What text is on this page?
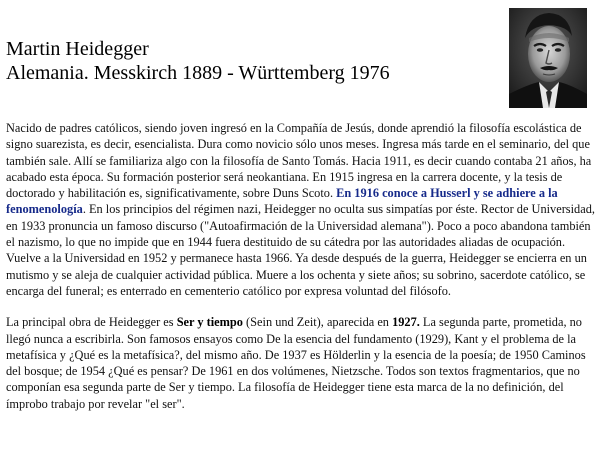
Martin Heidegger
Alemania. Messkirch 1889 - Württemberg 1976

Nacido de padres católicos, siendo joven ingresó en la Compañía de Jesús, donde aprendió la filosofía escolástica de signo suarezista, es decir, esencialista. Dura como novicio sólo unos meses. Ingresa más tarde en el seminario, del que también sale. Allí se familiariza algo con la filosofía de Santo Tomás. Hacia 1911, es decir cuando contaba 21 años, ha acabado esta época. Su formación posterior será neokantiana. En 1915 ingresa en la carrera docente, y la tesis de doctorado y habilitación es, significativamente, sobre Duns Scoto. En 1916 conoce a Husserl y se adhiere a la fenomenología. En los principios del régimen nazi, Heidegger no oculta sus simpatías por éste. Rector de Universidad, en 1933 pronuncia un famoso discurso ("Autoafirmación de la Universidad alemana"). Poco a poco abandona también el nazismo, lo que no impide que en 1944 fuera destituido de su cátedra por las autoridades aliadas de ocupación. Vuelve a la Universidad en 1952 y permanece hasta 1966. Ya desde después de la guerra, Heidegger se encierra en un mutismo y se aleja de cualquier actividad pública. Muere a los ochenta y siete años; su sobrino, sacerdote católico, se encarga del funeral; es enterrado en cementerio católico por expresa voluntad del filósofo.

La principal obra de Heidegger es Ser y tiempo (Sein und Zeit), aparecida en 1927. La segunda parte, prometida, no llegó nunca a escribirla. Son famosos ensayos como De la esencia del fundamento (1929), Kant y el problema de la metafísica y ¿Qué es la metafísica?, del mismo año. De 1937 es Hölderlin y la esencia de la poesía; de 1950 Caminos del bosque; de 1954 ¿Qué es pensar? De 1961 en dos volúmenes, Nietzsche. Todos son textos fragmentarios, que no componían esa segunda parte de Ser y tiempo. La filosofía de Heidegger tiene esta marca de la no definición, del ímprobo trabajo por revelar "el ser".
